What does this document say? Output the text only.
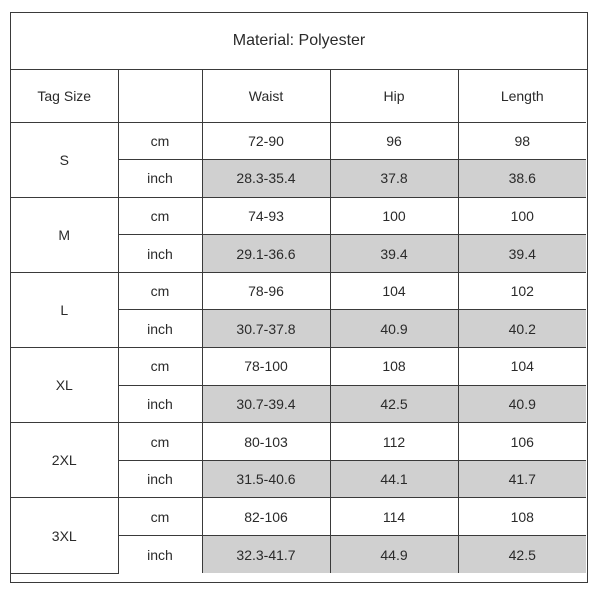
Material: Polyester
Tag Size		Waist	Hip	Length
S	cm	72-90	96	98
	inch	28.3-35.4	37.8	38.6
M	cm	74-93	100	100
	inch	29.1-36.6	39.4	39.4
L	cm	78-96	104	102
	inch	30.7-37.8	40.9	40.2
XL	cm	78-100	108	104
	inch	30.7-39.4	42.5	40.9
2XL	cm	80-103	112	106
	inch	31.5-40.6	44.1	41.7
3XL	cm	82-106	114	108
	inch	32.3-41.7	44.9	42.5
